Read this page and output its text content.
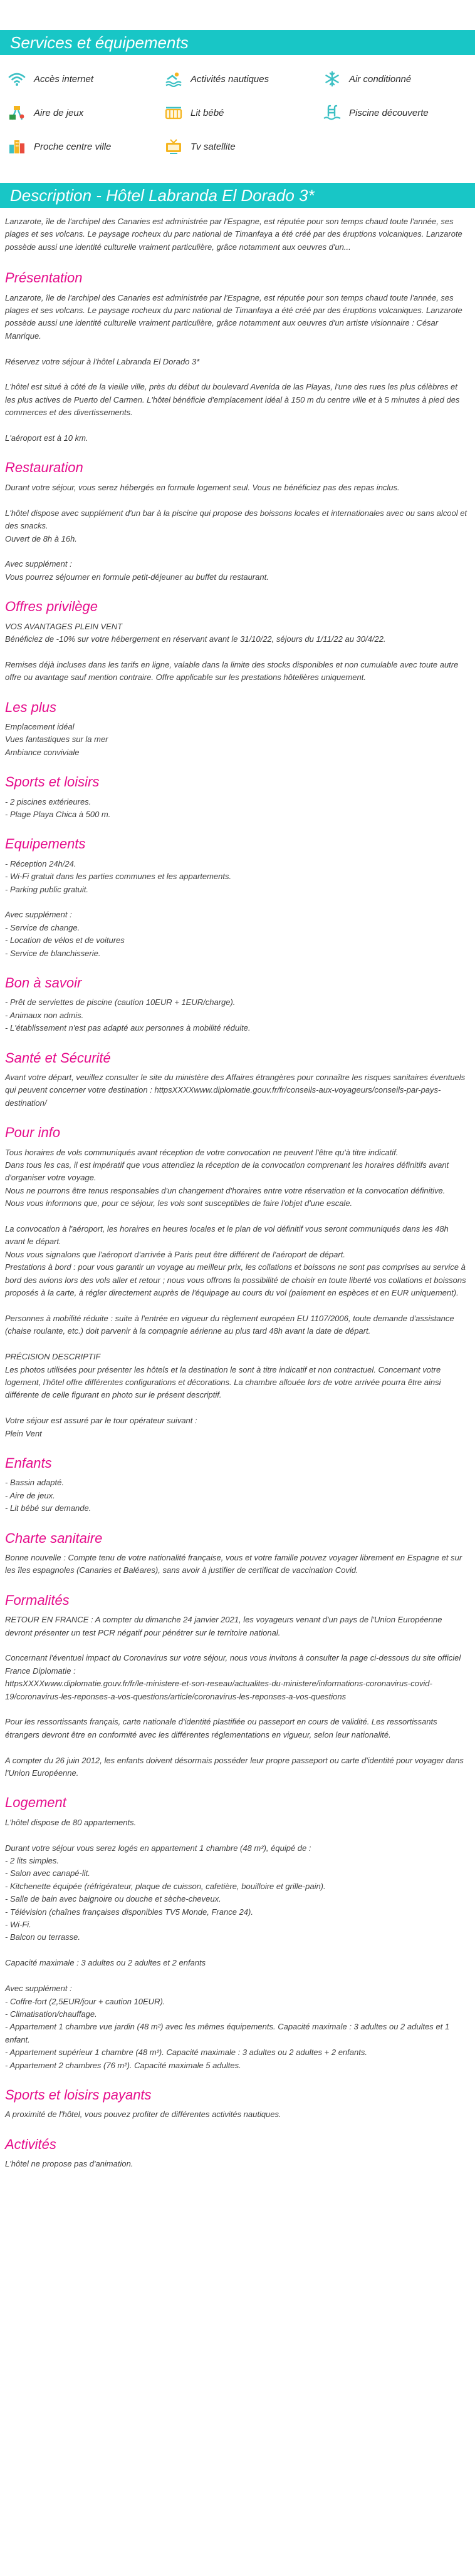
Services et équipements
Accès internet	Activités nautiques	Air conditionné
Aire de jeux	Lit bébé	Piscine découverte
Proche centre ville	Tv satellite
Description - Hôtel Labranda El Dorado 3*

Lanzarote, île de l'archipel des Canaries est administrée par l'Espagne, est réputée pour son temps chaud toute l'année, ses plages et ses volcans. Le paysage rocheux du parc national de Timanfaya a été créé par des éruptions volcaniques. Lanzarote possède aussi une identité culturelle vraiment particulière, grâce notamment aux oeuvres d'un...

Présentation

Lanzarote, île de l'archipel des Canaries est administrée par l'Espagne, est réputée pour son temps chaud toute l'année, ses plages et ses volcans. Le paysage rocheux du parc national de Timanfaya a été créé par des éruptions volcaniques. Lanzarote possède aussi une identité culturelle vraiment particulière, grâce notamment aux oeuvres d'un artiste visionnaire : César Manrique.

Réservez votre séjour à l'hôtel Labranda El Dorado 3*

L'hôtel est situé à côté de la vieille ville, près du début du boulevard Avenida de las Playas, l'une des rues les plus célèbres et les plus actives de Puerto del Carmen. L'hôtel bénéficie d'emplacement idéal à 150 m du centre ville et à 5 minutes à pied des commerces et des divertissements.

L'aéroport est à 10 km.

Restauration

Durant votre séjour, vous serez hébergés en formule logement seul. Vous ne bénéficiez pas des repas inclus.

L'hôtel dispose avec supplément d'un bar à la piscine qui propose des boissons locales et internationales avec ou sans alcool et des snacks.
Ouvert de 8h à 16h.

Avec supplément :
Vous pourrez séjourner en formule petit-déjeuner au buffet du restaurant.

Offres privilège

VOS AVANTAGES PLEIN VENT
Bénéficiez de -10% sur votre hébergement en réservant avant le 31/10/22, séjours du 1/11/22 au 30/4/22.

Remises déjà incluses dans les tarifs en ligne, valable dans la limite des stocks disponibles et non cumulable avec toute autre offre ou avantage sauf mention contraire. Offre applicable sur les prestations hôtelières uniquement.

Les plus

Emplacement idéal
Vues fantastiques sur la mer
Ambiance conviviale

Sports et loisirs

- 2 piscines extérieures.
- Plage Playa Chica à 500 m.

Equipements

- Réception 24h/24.
- Wi-Fi gratuit dans les parties communes et les appartements.
- Parking public gratuit.

Avec supplément :
- Service de change.
- Location de vélos et de voitures
- Service de blanchisserie.

Bon à savoir

- Prêt de serviettes de piscine (caution 10EUR + 1EUR/charge).
- Animaux non admis.
- L'établissement n'est pas adapté aux personnes à mobilité réduite.

Santé et Sécurité

Avant votre départ, veuillez consulter le site du ministère des Affaires étrangères pour connaître les risques sanitaires éventuels qui peuvent concerner votre destination : httpsXXXXwww.diplomatie.gouv.fr/fr/conseils-aux-voyageurs/conseils-par-pays-destination/

Pour info

Tous horaires de vols communiqués avant réception de votre convocation ne peuvent l'être qu'à titre indicatif.
Dans tous les cas, il est impératif que vous attendiez la réception de la convocation comprenant les horaires définitifs avant d'organiser votre voyage.
Nous ne pourrons être tenus responsables d'un changement d'horaires entre votre réservation et la convocation définitive.
Nous vous informons que, pour ce séjour, les vols sont susceptibles de faire l'objet d'une escale.

La convocation à l'aéroport, les horaires en heures locales et le plan de vol définitif vous seront communiqués dans les 48h avant le départ.
Nous vous signalons que l'aéroport d'arrivée à Paris peut être différent de l'aéroport de départ.
Prestations à bord : pour vous garantir un voyage au meilleur prix, les collations et boissons ne sont pas comprises au service à bord des avions lors des vols aller et retour ; nous vous offrons la possibilité de choisir en toute liberté vos collations et boissons proposés à la carte, à régler directement auprès de l'équipage au cours du vol (paiement en espèces et en EUR uniquement).

Personnes à mobilité réduite : suite à l'entrée en vigueur du règlement européen EU 1107/2006, toute demande d'assistance (chaise roulante, etc.) doit parvenir à la compagnie aérienne au plus tard 48h avant la date de départ.

PRÉCISION DESCRIPTIF
Les photos utilisées pour présenter les hôtels et la destination le sont à titre indicatif et non contractuel. Concernant votre logement, l'hôtel offre différentes configurations et décorations. La chambre allouée lors de votre arrivée pourra être ainsi différente de celle figurant en photo sur le présent descriptif.

Votre séjour est assuré par le tour opérateur suivant :
Plein Vent

Enfants

- Bassin adapté.
- Aire de jeux.
- Lit bébé sur demande.

Charte sanitaire

Bonne nouvelle : Compte tenu de votre nationalité française, vous et votre famille pouvez voyager librement en Espagne et sur les îles espagnoles (Canaries et Baléares), sans avoir à justifier de certificat de vaccination Covid.

Formalités

RETOUR EN FRANCE : A compter du dimanche 24 janvier 2021, les voyageurs venant d'un pays de l'Union Européenne devront présenter un test PCR négatif pour pénétrer sur le territoire national.

Concernant l'éventuel impact du Coronavirus sur votre séjour, nous vous invitons à consulter la page ci-dessous du site officiel France Diplomatie :
httpsXXXXwww.diplomatie.gouv.fr/fr/le-ministere-et-son-reseau/actualites-du-ministere/informations-coronavirus-covid-19/coronavirus-les-reponses-a-vos-questions/article/coronavirus-les-reponses-a-vos-questions

Pour les ressortissants français, carte nationale d'identité plastifiée ou passeport en cours de validité. Les ressortissants étrangers devront être en conformité avec les différentes réglementations en vigueur, selon leur nationalité.

A compter du 26 juin 2012, les enfants doivent désormais posséder leur propre passeport ou carte d'identité pour voyager dans l'Union Européenne.

Logement

L'hôtel dispose de 80 appartements.

Durant votre séjour vous serez logés en appartement 1 chambre (48 m²), équipé de :
- 2 lits simples.
- Salon avec canapé-lit.
- Kitchenette équipée (réfrigérateur, plaque de cuisson, cafetière, bouilloire et grille-pain).
- Salle de bain avec baignoire ou douche et sèche-cheveux.
- Télévision (chaînes françaises disponibles TV5 Monde, France 24).
- Wi-Fi.
- Balcon ou terrasse.

Capacité maximale : 3 adultes ou 2 adultes et 2 enfants

Avec supplément :
- Coffre-fort (2,5EUR/jour + caution 10EUR).
- Climatisation/chauffage.
- Appartement 1 chambre vue jardin (48 m²) avec les mêmes équipements. Capacité maximale : 3 adultes ou 2 adultes et 1 enfant.
- Appartement supérieur 1 chambre (48 m²). Capacité maximale : 3 adultes ou 2 adultes + 2 enfants.
- Appartement 2 chambres (76 m²). Capacité maximale 5 adultes.

Sports et loisirs payants

A proximité de l'hôtel, vous pouvez profiter de différentes activités nautiques.

Activités

L'hôtel ne propose pas d'animation.
